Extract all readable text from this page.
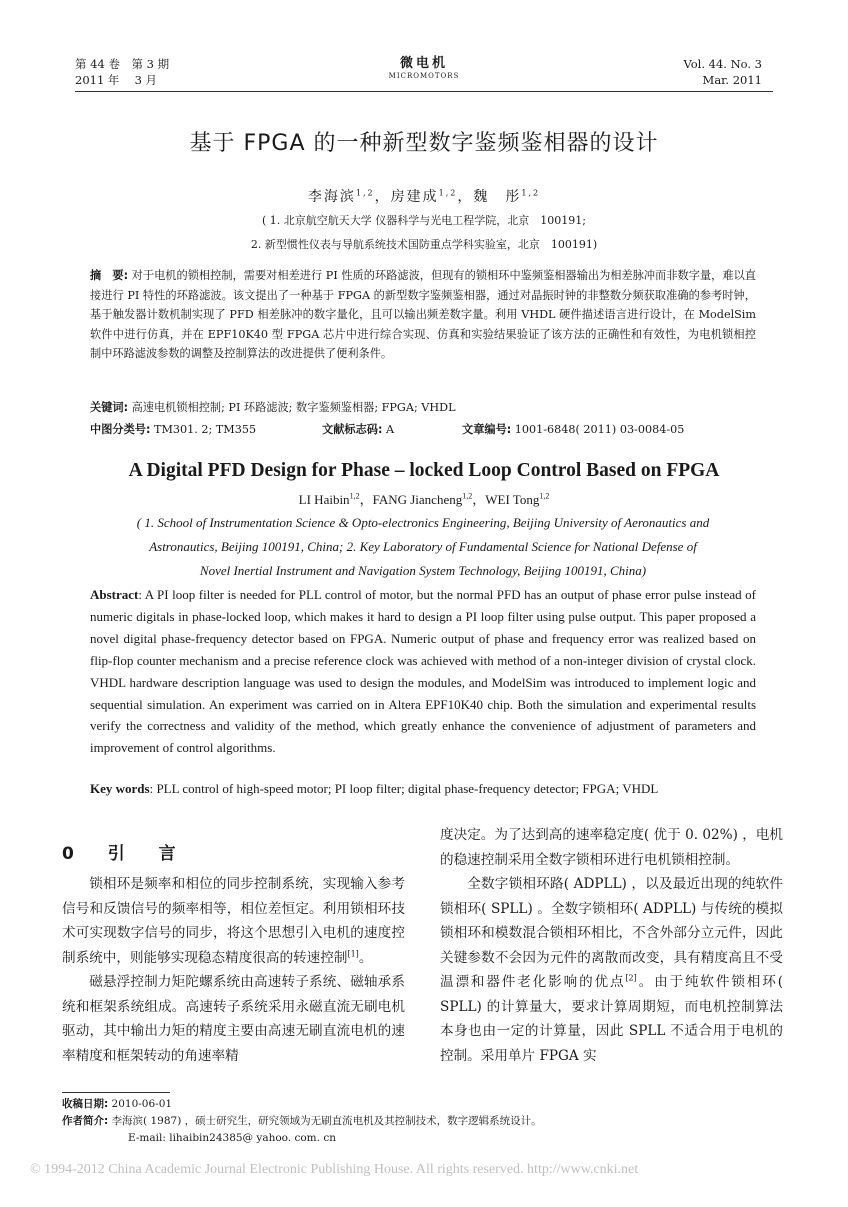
第 44 卷　第 3 期
2011 年　 3 月
微电机
MICROMOTORS
Vol. 44. No. 3
Mar. 2011
基于 FPGA 的一种新型数字鉴频鉴相器的设计
李海滨$^{1,2}$，房建成$^{1,2}$，魏　彤$^{1,2}$
( 1. 北京航空航天大学 仪器科学与光电工程学院，北京　100191;
2. 新型惯性仪表与导航系统技术国防重点学科实验室，北京　100191)
摘　要: 对于电机的锁相控制，需要对相差进行 PI 性质的环路滤波，但现有的锁相环中鉴频鉴相器输出为相差脉冲而非数字量，难以直接进行 PI 特性的环路滤波。该文提出了一种基于 FPGA 的新型数字鉴频鉴相器，通过对晶振时钟的非整数分频获取准确的参考时钟，基于触发器计数机制实现了 PFD 相差脉冲的数字量化，且可以输出频差数字量。利用 VHDL 硬件描述语言进行设计，在 ModelSim 软件中进行仿真，并在 EPF10K40 型 FPGA 芯片中进行综合实现、仿真和实验结果验证了该方法的正确性和有效性，为电机锁相控制中环路滤波参数的调整及控制算法的改进提供了便利条件。
关键词: 高速电机锁相控制; PI 环路滤波; 数字鉴频鉴相器; FPGA; VHDL
中图分类号: TM301. 2; TM355	文献标志码: A	文章编号: 1001-6848( 2011) 03-0084-05
A Digital PFD Design for Phase – locked Loop Control Based on FPGA
LI Haibin$^{1,2}$，FANG Jiancheng$^{1,2}$，WEI Tong$^{1,2}$
( 1. School of Instrumentation Science & Opto-electronics Engineering, Beijing University of Aeronautics and
Astronautics, Beijing 100191, China; 2. Key Laboratory of Fundamental Science for National Defense of
Novel Inertial Instrument and Navigation System Technology, Beijing 100191, China)
Abstract: A PI loop filter is needed for PLL control of motor, but the normal PFD has an output of phase error pulse instead of numeric digitals in phase-locked loop, which makes it hard to design a PI loop filter using pulse output. This paper proposed a novel digital phase-frequency detector based on FPGA. Numeric output of phase and frequency error was realized based on flip-flop counter mechanism and a precise reference clock was achieved with method of a non-integer division of crystal clock. VHDL hardware description language was used to design the modules, and ModelSim was introduced to implement logic and sequential simulation. An experiment was carried on in Altera EPF10K40 chip. Both the simulation and experimental results verify the correctness and validity of the method, which greatly enhance the convenience of adjustment of parameters and improvement of control algorithms.
Key words: PLL control of high-speed motor; PI loop filter; digital phase-frequency detector; FPGA; VHDL
0 引 言

锁相环是频率和相位的同步控制系统，实现输入参考信号和反馈信号的频率相等，相位差恒定。利用锁相环技术可实现数字信号的同步，将这个思想引入电机的速度控制系统中，则能够实现稳态精度很高的转速控制[1]。

磁悬浮控制力矩陀螺系统由高速转子系统、磁轴承系统和框架系统组成。高速转子系统采用永磁直流无刷电机驱动，其中输出力矩的精度主要由高速无刷直流电机的速率精度和框架转动的角速率精

度决定。为了达到高的速率稳定度( 优于 0. 02%) ，电机的稳速控制采用全数字锁相环进行电机锁相控制。

全数字锁相环路( ADPLL) ，以及最近出现的纯软件锁相环( SPLL) 。全数字锁相环( ADPLL) 与传统的模拟锁相环和模数混合锁相环相比，不含外部分立元件，因此关键参数不会因为元件的离散而改变，具有精度高且不受温漂和器件老化影响的优点[2]。由于纯软件锁相环( SPLL) 的计算量大，要求计算周期短，而电机控制算法本身也由一定的计算量，因此 SPLL 不适合用于电机的控制。采用单片 FPGA 实

收稿日期: 2010-06-01
作者简介: 李海滨( 1987) ，硕士研究生，研究领域为无刷直流电机及其控制技术，数字逻辑系统设计。
E-mail: lihaibin24385@ yahoo. com. cn
© 1994-2012 China Academic Journal Electronic Publishing House. All rights reserved. http://www.cnki.net
